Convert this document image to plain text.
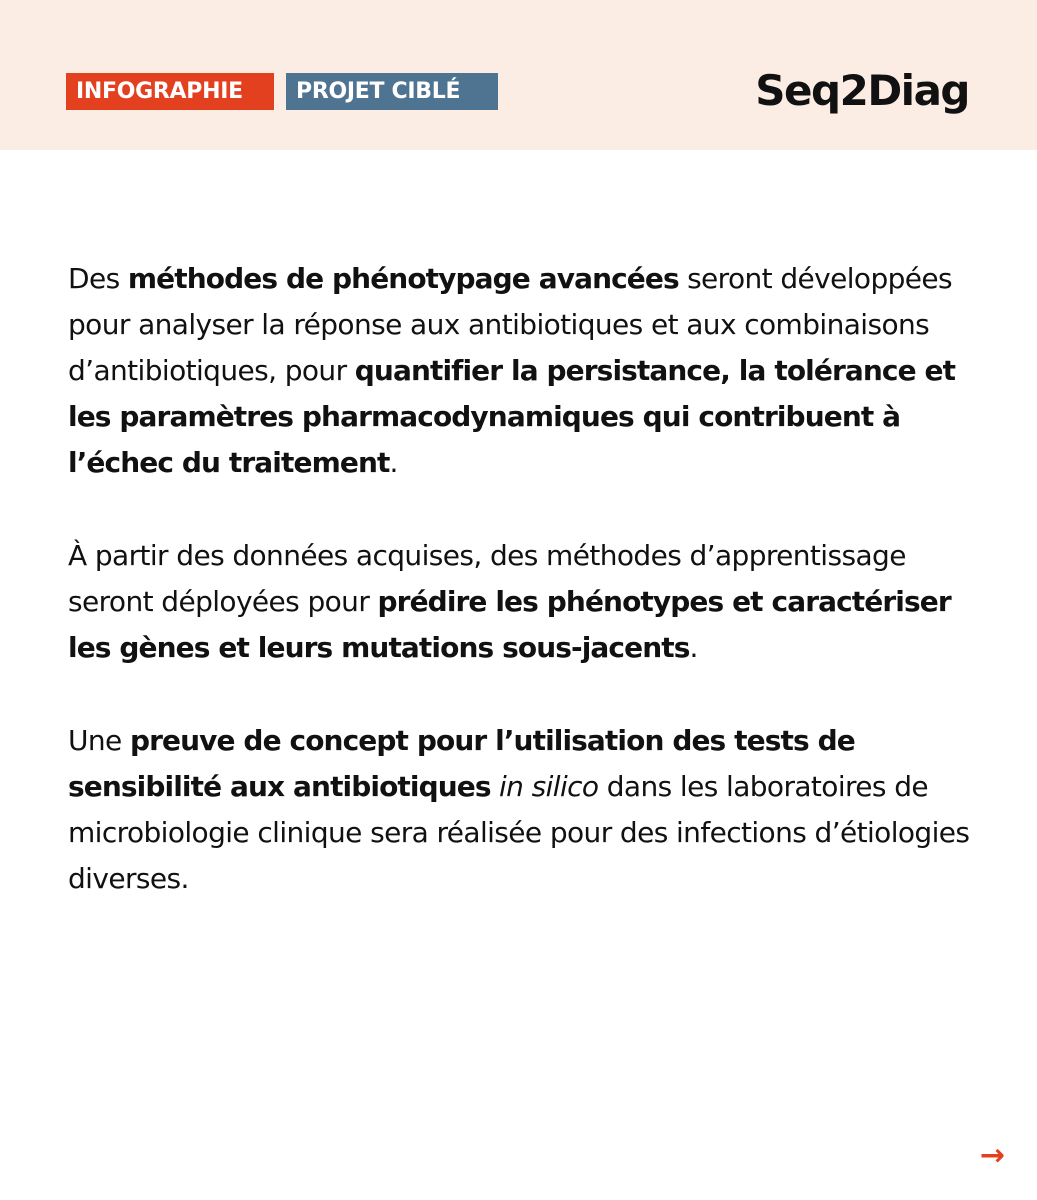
INFOGRAPHIE	PROJET CIBLÉ	Seq2Diag

Des méthodes de phénotypage avancées seront développées pour analyser la réponse aux antibiotiques et aux combinaisons d’antibiotiques, pour quantifier la persistance, la tolérance et les paramètres pharmacodynamiques qui contribuent à l’échec du traitement.

À partir des données acquises, des méthodes d’apprentissage seront déployées pour prédire les phénotypes et caractériser les gènes et leurs mutations sous-jacents.

Une preuve de concept pour l’utilisation des tests de sensibilité aux antibiotiques in silico dans les laboratoires de microbiologie clinique sera réalisée pour des infections d’étiologies diverses.

→
